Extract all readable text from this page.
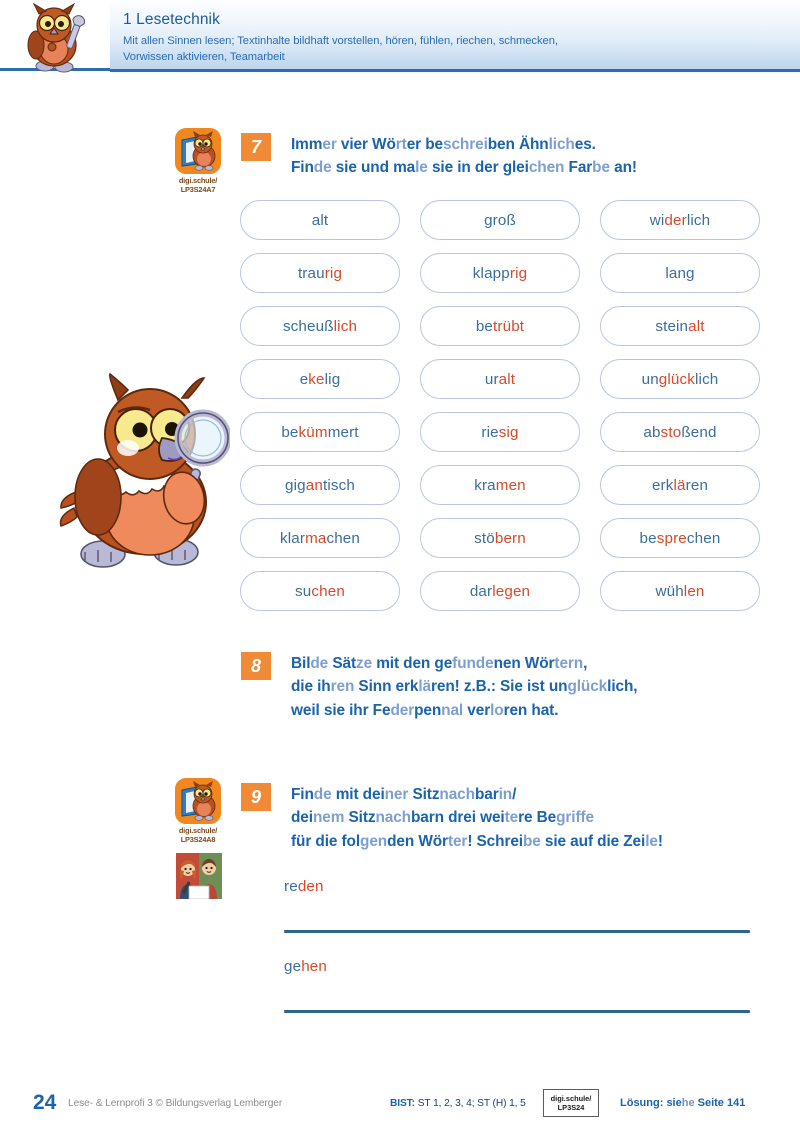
1 Lesetechnik
Mit allen Sinnen lesen; Textinhalte bildhaft vorstellen, hören, fühlen, riechen, schmecken,
Vorwissen aktivieren, Teamarbeit
digi.schule/
LP3S24A7
7	Immer vier Wörter beschreiben Ähnliches.
Finde sie und male sie in der gleichen Farbe an!
alt	groß	wi der lich
trau rig	klapp rig	lang
scheuß lich	be trübt	stein alt
e ke lig	ur alt	un glück lich
be küm mert	rie sig	ab sto ßend
gig an tisch	kra men	erk lä ren
klar ma chen	stö bern	be spre chen
su chen	dar legen	wüh len
8	Bilde Sätze mit den gefundenen Wörtern,
die ihren Sinn erklären! z.B.: Sie ist unglücklich,
weil sie ihr Federpennal verloren hat.
digi.schule/
LP3S24A8
9	Finde mit deiner Sitznachbarin/
deinem Sitznachbarn drei weitere Begriffe
für die folgenden Wörter! Schreibe sie auf die Zeile!
reden
gehen
24 Lese- & Lernprofi 3 © Bildungsverlag Lemberger	BIST: ST 1, 2, 3, 4; ST (H) 1, 5	digi.schule/
LP3S24	Lösung: siehe Seite 141
